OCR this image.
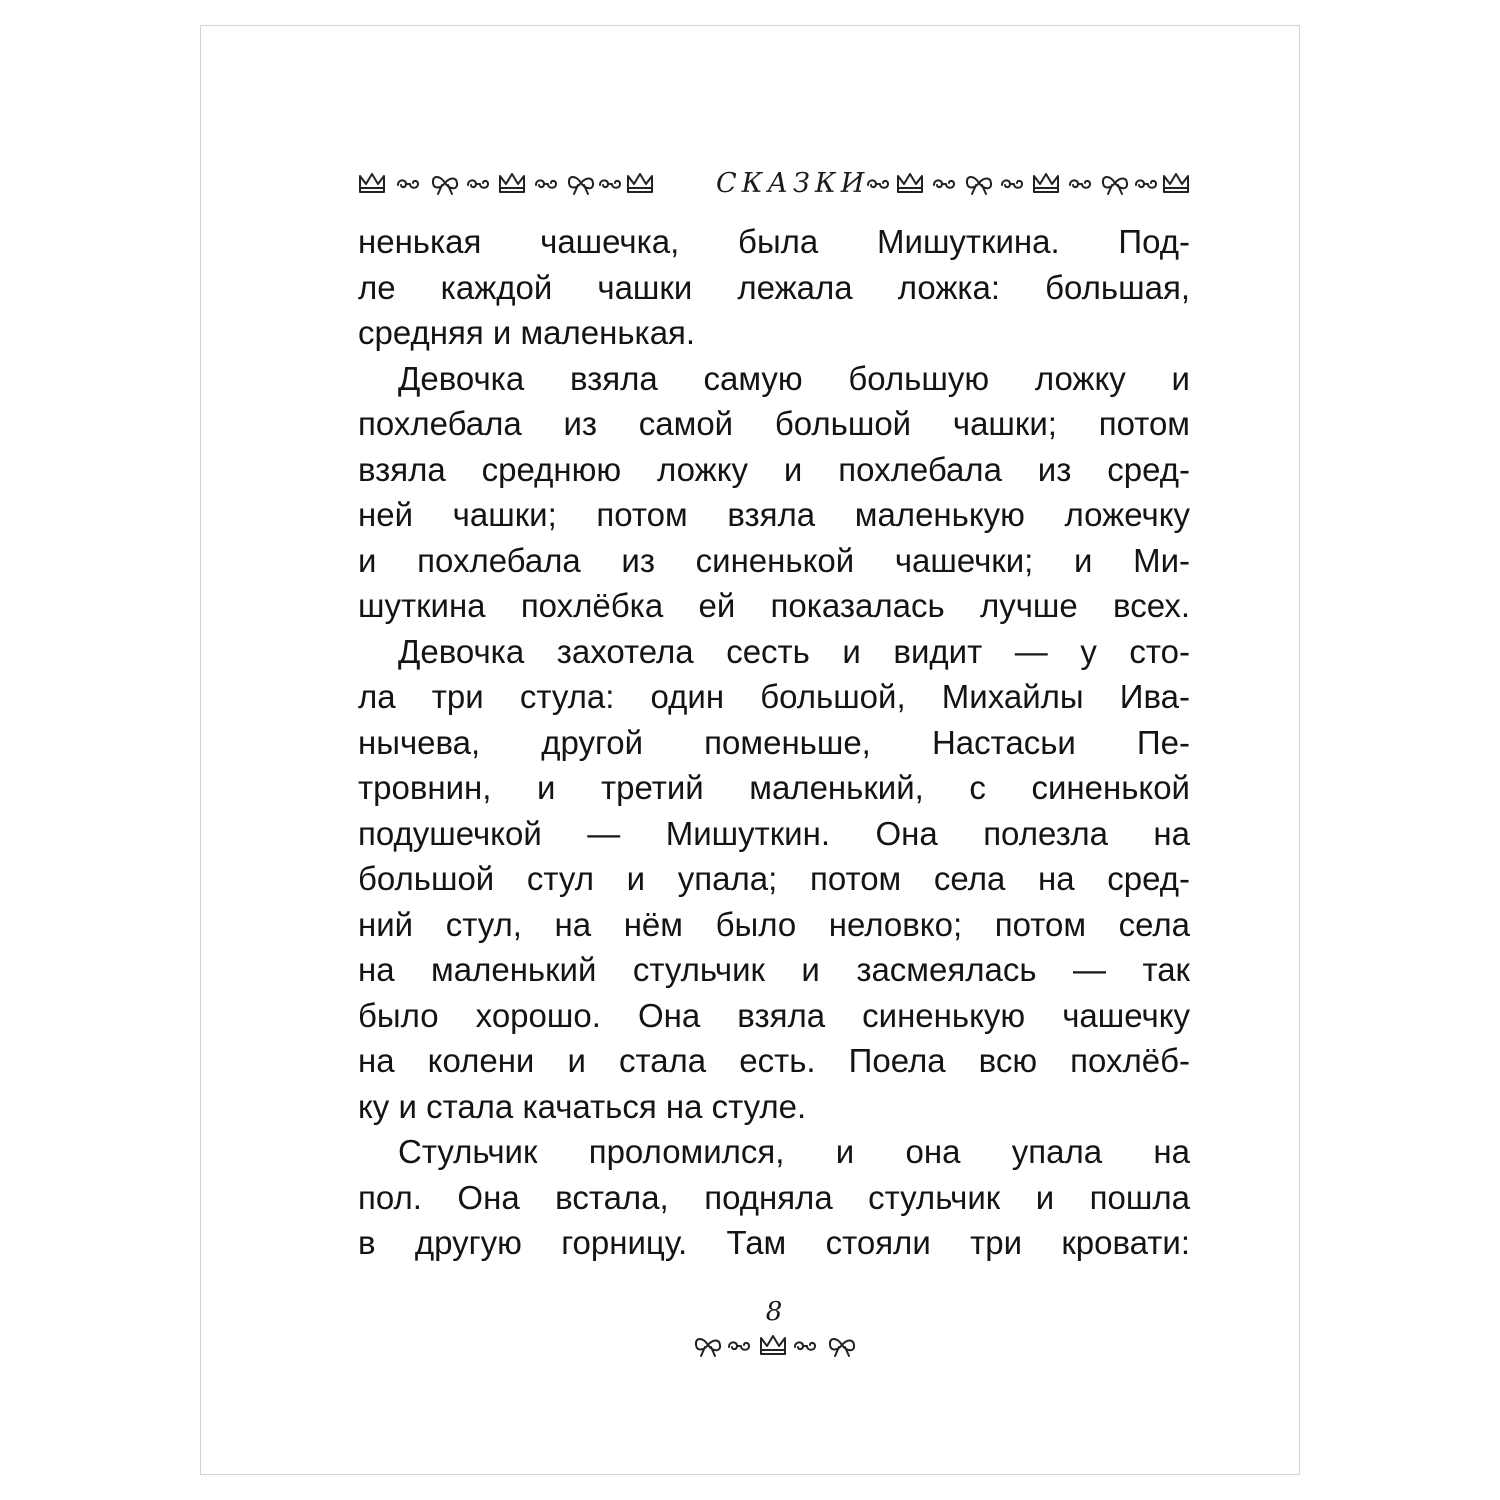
СКАЗКИ
ненькая чашечка, была Мишуткина. Под-
ле каждой чашки лежала ложка: большая,
средняя и маленькая.
Девочка взяла самую большую ложку и
похлебала из самой большой чашки; потом
взяла среднюю ложку и похлебала из сред-
ней чашки; потом взяла маленькую ложечку
и похлебала из синенькой чашечки; и Ми-
шуткина похлёбка ей показалась лучше всех.
Девочка захотела сесть и видит — у сто-
ла три стула: один большой, Михайлы Ива-
нычева, другой поменьше, Настасьи Пе-
тровнин, и третий маленький, с синенькой
подушечкой — Мишуткин. Она полезла на
большой стул и упала; потом села на сред-
ний стул, на нём было неловко; потом села
на маленький стульчик и засмеялась — так
было хорошо. Она взяла синенькую чашечку
на колени и стала есть. Поела всю похлёб-
ку и стала качаться на стуле.
Стульчик проломился, и она упала на
пол. Она встала, подняла стульчик и пошла
в другую горницу. Там стояли три кровати:
8
